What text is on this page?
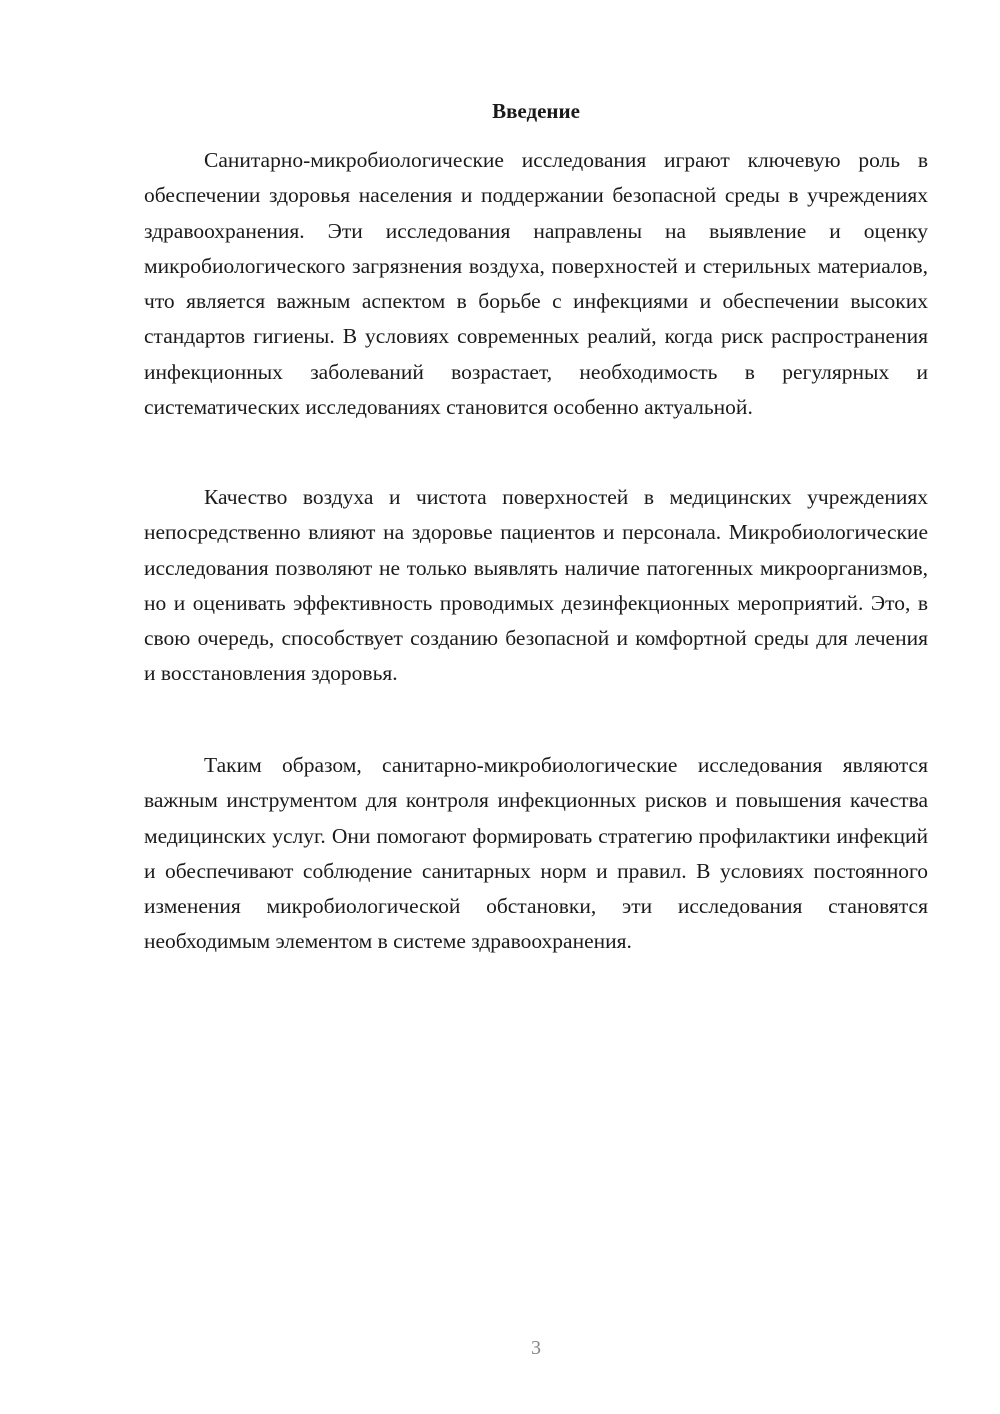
Введение

Санитарно-микробиологические исследования играют ключевую роль в обеспечении здоровья населения и поддержании безопасной среды в учреждениях здравоохранения. Эти исследования направлены на выявление и оценку микробиологического загрязнения воздуха, поверхностей и стерильных материалов, что является важным аспектом в борьбе с инфекциями и обеспечении высоких стандартов гигиены. В условиях современных реалий, когда риск распространения инфекционных заболеваний возрастает, необходимость в регулярных и систематических исследованиях становится особенно актуальной.

Качество воздуха и чистота поверхностей в медицинских учреждениях непосредственно влияют на здоровье пациентов и персонала. Микробиологические исследования позволяют не только выявлять наличие патогенных микроорганизмов, но и оценивать эффективность проводимых дезинфекционных мероприятий. Это, в свою очередь, способствует созданию безопасной и комфортной среды для лечения и восстановления здоровья.

Таким образом, санитарно-микробиологические исследования являются важным инструментом для контроля инфекционных рисков и повышения качества медицинских услуг. Они помогают формировать стратегию профилактики инфекций и обеспечивают соблюдение санитарных норм и правил. В условиях постоянного изменения микробиологической обстановки, эти исследования становятся необходимым элементом в системе здравоохранения.

3
